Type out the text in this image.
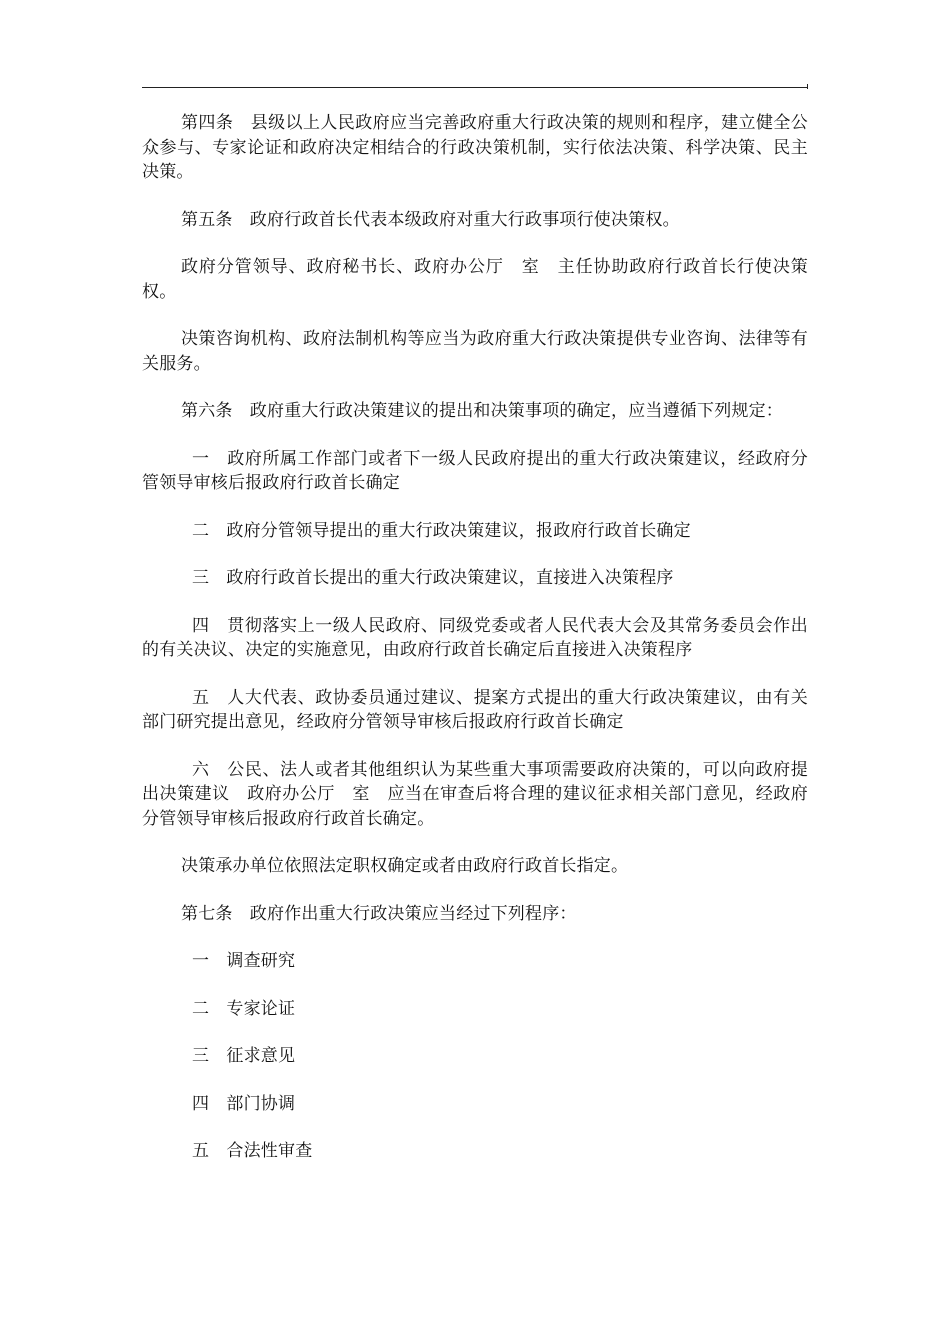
第四条　县级以上人民政府应当完善政府重大行政决策的规则和程序，建立健全公众参与、专家论证和政府决定相结合的行政决策机制，实行依法决策、科学决策、民主决策。

第五条　政府行政首长代表本级政府对重大行政事项行使决策权。

政府分管领导、政府秘书长、政府办公厅　室　主任协助政府行政首长行使决策权。

决策咨询机构、政府法制机构等应当为政府重大行政决策提供专业咨询、法律等有关服务。

第六条　政府重大行政决策建议的提出和决策事项的确定，应当遵循下列规定：

一　政府所属工作部门或者下一级人民政府提出的重大行政决策建议，经政府分管领导审核后报政府行政首长确定

二　政府分管领导提出的重大行政决策建议，报政府行政首长确定

三　政府行政首长提出的重大行政决策建议，直接进入决策程序

四　贯彻落实上一级人民政府、同级党委或者人民代表大会及其常务委员会作出的有关决议、决定的实施意见，由政府行政首长确定后直接进入决策程序

五　人大代表、政协委员通过建议、提案方式提出的重大行政决策建议，由有关部门研究提出意见，经政府分管领导审核后报政府行政首长确定

六　公民、法人或者其他组织认为某些重大事项需要政府决策的，可以向政府提出决策建议　政府办公厅　室　应当在审查后将合理的建议征求相关部门意见，经政府分管领导审核后报政府行政首长确定。

决策承办单位依照法定职权确定或者由政府行政首长指定。

第七条　政府作出重大行政决策应当经过下列程序：

一　调查研究

二　专家论证

三　征求意见

四　部门协调

五　合法性审查
